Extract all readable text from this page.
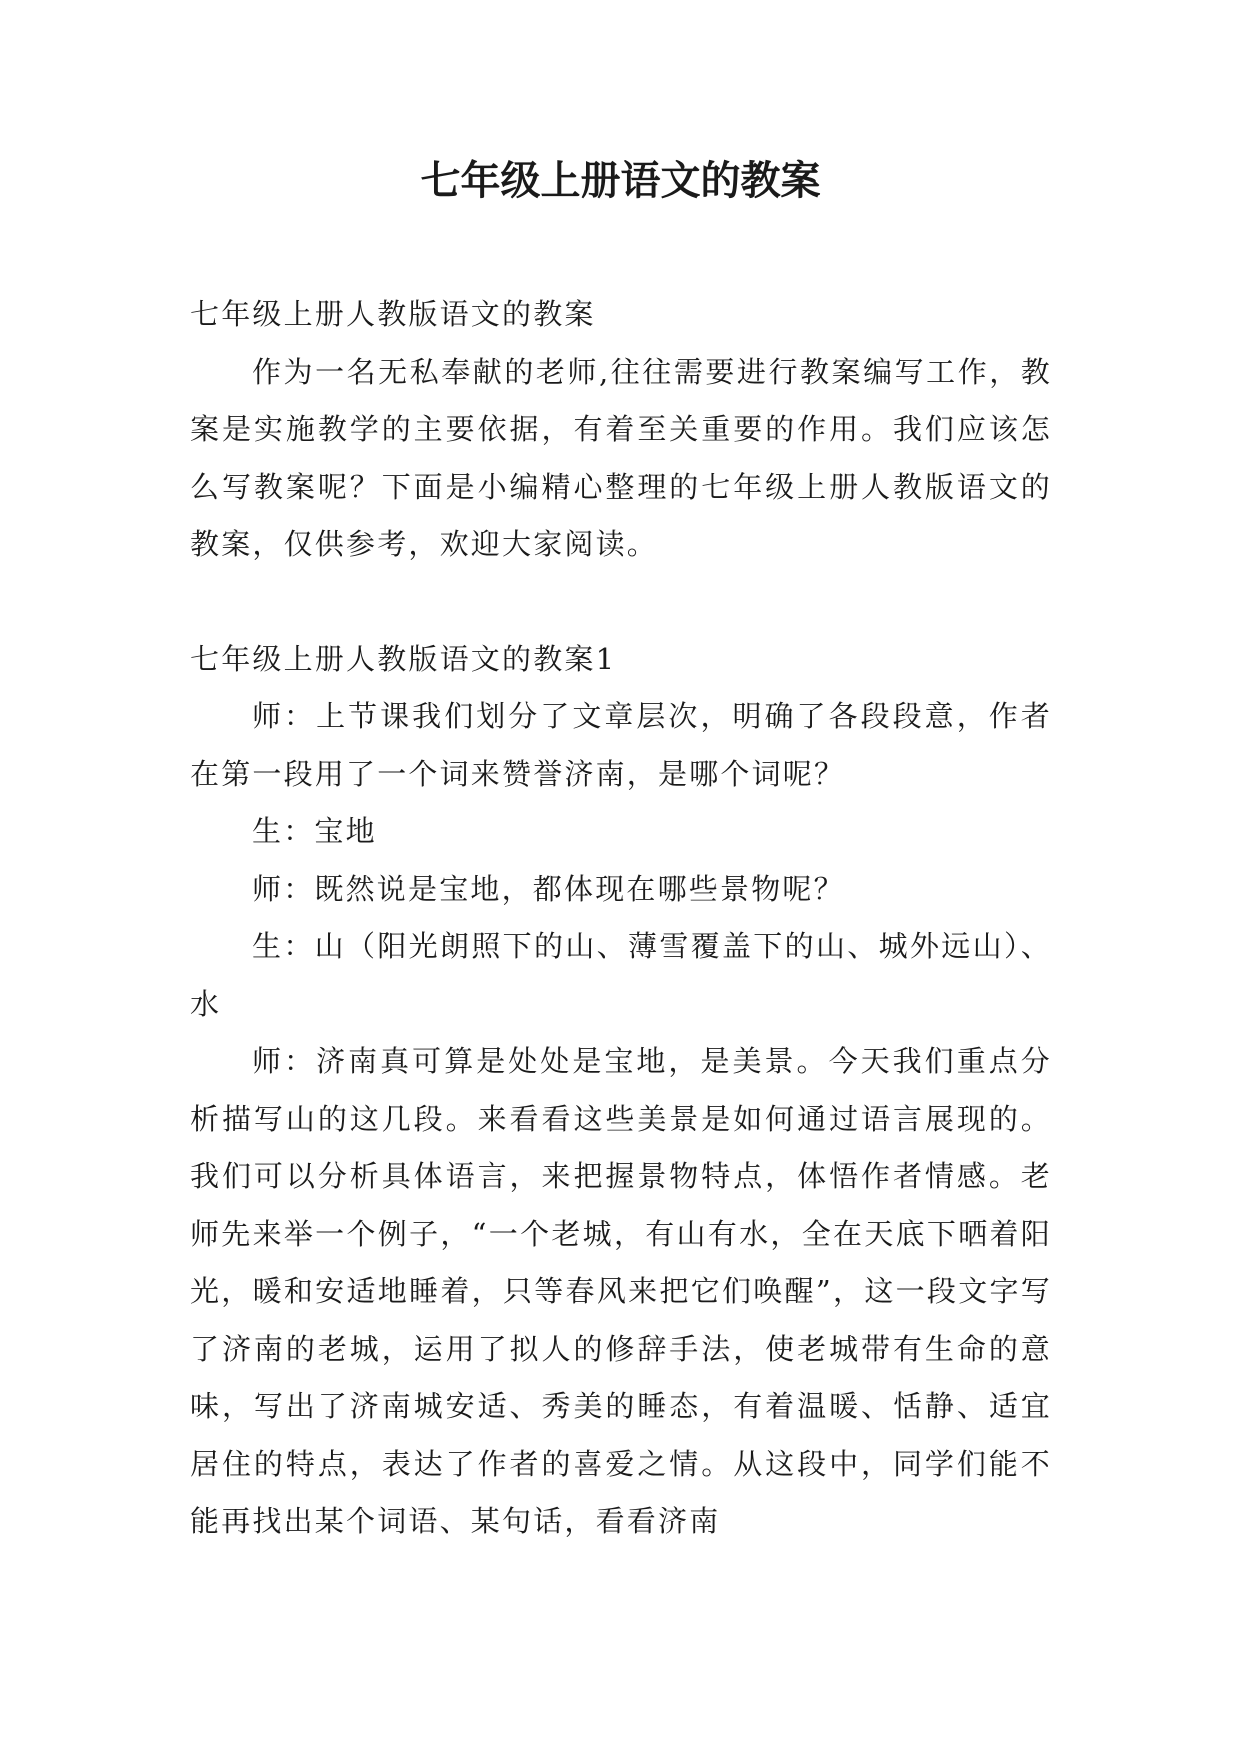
七年级上册语文的教案

七年级上册人教版语文的教案

作为一名无私奉献的老师,往往需要进行教案编写工作，教案是实施教学的主要依据，有着至关重要的作用。我们应该怎么写教案呢？下面是小编精心整理的七年级上册人教版语文的教案，仅供参考，欢迎大家阅读。

七年级上册人教版语文的教案1

师：上节课我们划分了文章层次，明确了各段段意，作者在第一段用了一个词来赞誉济南，是哪个词呢？

生：宝地

师：既然说是宝地，都体现在哪些景物呢？

生：山（阳光朗照下的山、薄雪覆盖下的山、城外远山）、水

师：济南真可算是处处是宝地，是美景。今天我们重点分析描写山的这几段。来看看这些美景是如何通过语言展现的。我们可以分析具体语言，来把握景物特点，体悟作者情感。老师先来举一个例子，“一个老城，有山有水，全在天底下晒着阳光，暖和安适地睡着，只等春风来把它们唤醒”，这一段文字写了济南的老城，运用了拟人的修辞手法，使老城带有生命的意味，写出了济南城安适、秀美的睡态，有着温暖、恬静、适宜居住的特点，表达了作者的喜爱之情。从这段中，同学们能不能再找出某个词语、某句话，看看济南
